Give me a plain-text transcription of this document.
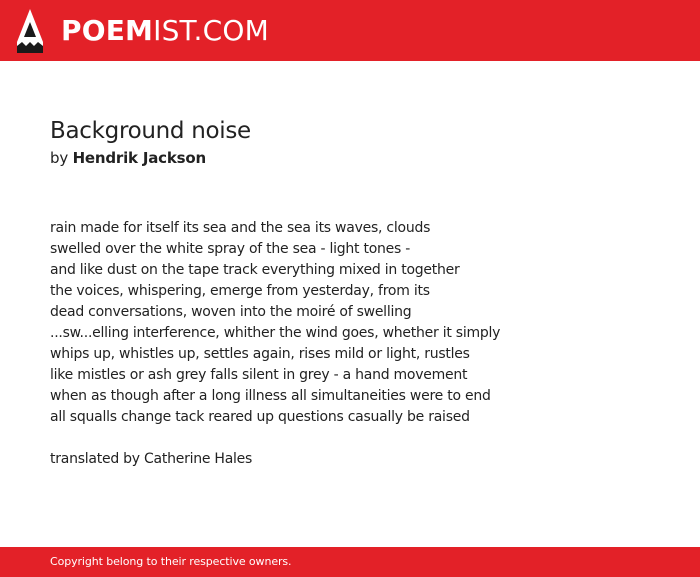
POEMIST.COM
Background noise

by Hendrik Jackson

rain made for itself its sea and the sea its waves, clouds
swelled over the white spray of the sea - light tones -
and like dust on the tape track everything mixed in together
the voices, whispering, emerge from yesterday, from its
dead conversations, woven into the moiré of swelling
...sw...elling interference, whither the wind goes, whether it simply
whips up, whistles up, settles again, rises mild or light, rustles
like mistles or ash grey falls silent in grey - a hand movement
when as though after a long illness all simultaneities were to end
all squalls change tack reared up questions casually be raised
translated by Catherine Hales
Copyright belong to their respective owners.
